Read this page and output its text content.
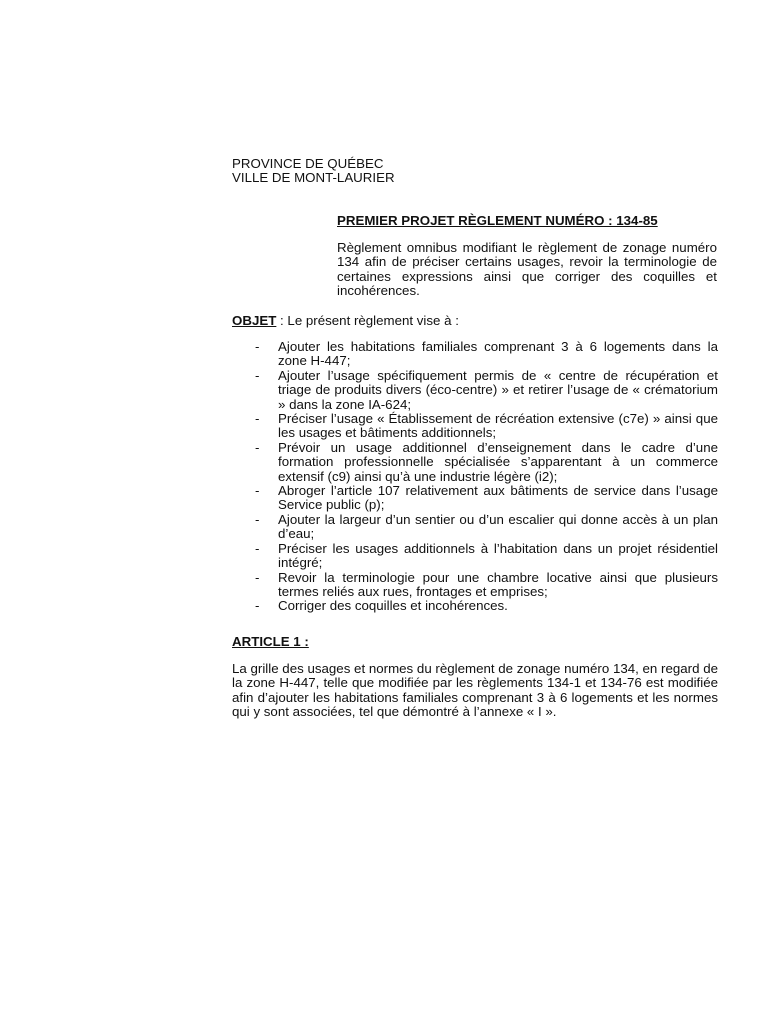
PROVINCE DE QUÉBEC
VILLE DE MONT-LAURIER
PREMIER PROJET RÈGLEMENT NUMÉRO : 134-85
Règlement omnibus modifiant le règlement de zonage numéro 134 afin de préciser certains usages, revoir la terminologie de certaines expressions ainsi que corriger des coquilles et incohérences.
OBJET : Le présent règlement vise à :
- Ajouter les habitations familiales comprenant 3 à 6 logements dans la zone H-447;
- Ajouter l’usage spécifiquement permis de « centre de récupération et triage de produits divers (éco-centre) » et retirer l’usage de « crématorium » dans la zone IA-624;
- Préciser l’usage « Établissement de récréation extensive (c7e) » ainsi que les usages et bâtiments additionnels;
- Prévoir un usage additionnel d’enseignement dans le cadre d’une formation professionnelle spécialisée s’apparentant à un commerce extensif (c9) ainsi qu’à une industrie légère (i2);
- Abroger l’article 107 relativement aux bâtiments de service dans l’usage Service public (p);
- Ajouter la largeur d’un sentier ou d’un escalier qui donne accès à un plan d’eau;
- Préciser les usages additionnels à l’habitation dans un projet résidentiel intégré;
- Revoir la terminologie pour une chambre locative ainsi que plusieurs termes reliés aux rues, frontages et emprises;
- Corriger des coquilles et incohérences.
ARTICLE 1 :
La grille des usages et normes du règlement de zonage numéro 134, en regard de la zone H-447, telle que modifiée par les règlements 134-1 et 134-76 est modifiée afin d’ajouter les habitations familiales comprenant 3 à 6 logements et les normes qui y sont associées, tel que démontré à l’annexe « I ».
